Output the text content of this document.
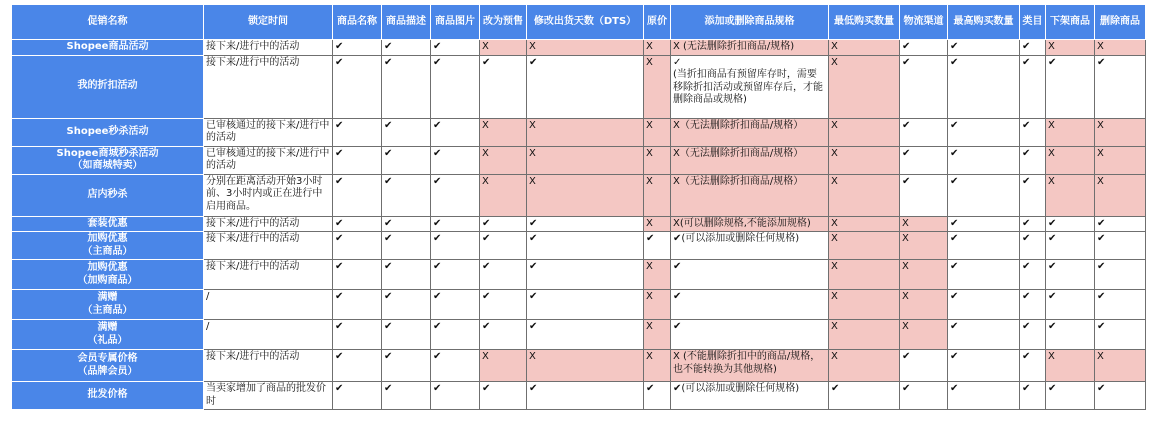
促销名称	锁定时间	商品名称	商品描述	商品图片	改为预售	修改出货天数（DTS）	原价	添加或删除商品规格	最低购买数量	物流渠道	最高购买数量	类目	下架商品	删除商品

Shopee商品活动	接下来/进行中的活动	✔	✔	✔	X	X	X	X (无法删除折扣商品/规格)	X	✔	✔	✔	X	X

我的折扣活动	接下来/进行中的活动	✔	✔	✔	✔	✔	X	✓
(当折扣商品有预留库存时，需要移除折扣活动或预留库存后，才能删除商品或规格)	X	✔	✔	✔	✔	✔

Shopee秒杀活动	已审核通过的接下来/进行中的活动	✔	✔	✔	X	X	X	X（无法删除折扣商品/规格）	X	✔	✔	✔	X	X

Shopee商城秒杀活动
（如商城特卖）	已审核通过的接下来/进行中的活动	✔	✔	✔	X	X	X	X（无法删除折扣商品/规格）	X	✔	✔	✔	X	X

店内秒杀	分别在距离活动开始3小时前、3小时内或正在进行中启用商品。	✔	✔	✔	X	X	X	X（无法删除折扣商品/规格）	X	✔	✔	✔	X	X

套装优惠	接下来/进行中的活动	✔	✔	✔	✔	✔	X	X(可以删除规格,不能添加规格)	X	X	✔	✔	✔	✔

加购优惠
（主商品）	接下来/进行中的活动	✔	✔	✔	✔	✔	✔	✔(可以添加或删除任何规格)	X	X	✔	✔	✔	✔

加购优惠
（加购商品）	接下来/进行中的活动	✔	✔	✔	✔	✔	X	✔	X	X	✔	✔	✔	✔

满赠
（主商品）	/	✔	✔	✔	✔	✔	X	✔	X	X	✔	✔	✔	✔

满赠
（礼品）	/	✔	✔	✔	✔	✔	X	✔	X	X	✔	✔	✔	✔

会员专属价格
（品牌会员）	接下来/进行中的活动	✔	✔	✔	X	X	X	X (不能删除折扣中的商品/规格，也不能转换为其他规格)	X	✔	✔	✔	X	X

批发价格	当卖家增加了商品的批发价时	✔	✔	✔	✔	✔	✔	✔(可以添加或删除任何规格)	✔	✔	✔	✔	✔	✔
